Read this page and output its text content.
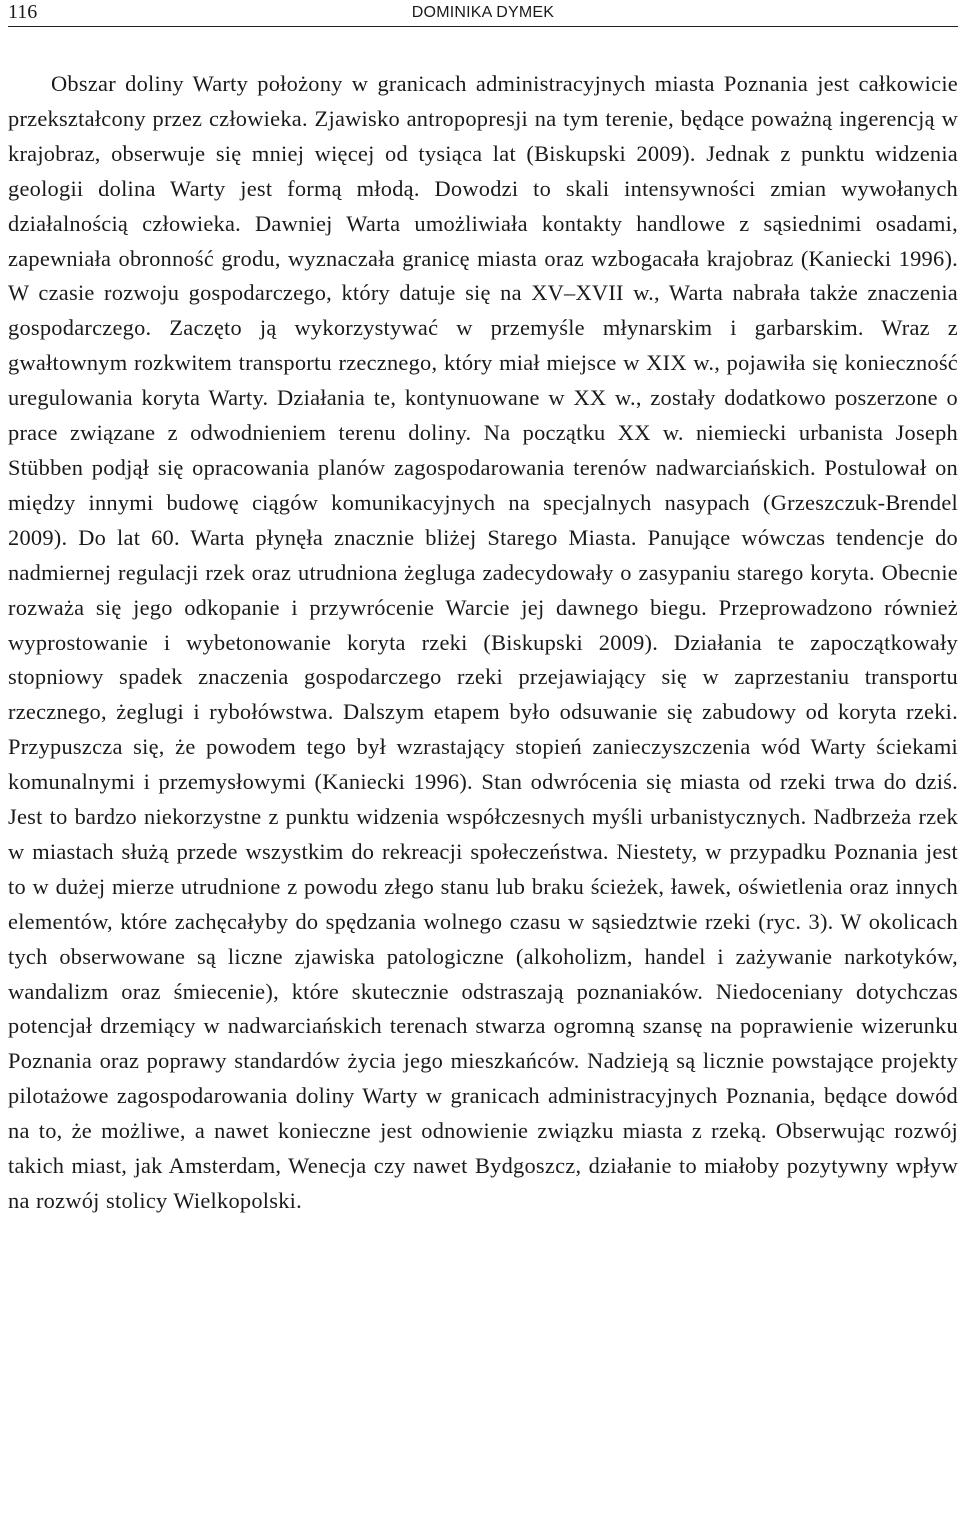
116	DOMINIKA DYMEK

Obszar doliny Warty położony w granicach administracyjnych miasta Poznania jest całkowicie przekształcony przez człowieka. Zjawisko antropopresji na tym terenie, będące poważną ingerencją w krajobraz, obserwuje się mniej więcej od tysiąca lat (Biskupski 2009). Jednak z punktu widzenia geologii dolina Warty jest formą młodą. Dowodzi to skali intensywności zmian wywołanych działalnością człowieka. Dawniej Warta umożliwiała kontakty handlowe z sąsiednimi osadami, zapewniała obronność grodu, wyznaczała granicę miasta oraz wzbogacała krajobraz (Kaniecki 1996). W czasie rozwoju gospodarczego, który datuje się na XV–XVII w., Warta nabrała także znaczenia gospodarczego. Zaczęto ją wykorzystywać w przemyśle młynarskim i garbarskim. Wraz z gwałtownym rozkwitem transportu rzecznego, który miał miejsce w XIX w., pojawiła się konieczność uregulowania koryta Warty. Działania te, kontynuowane w XX w., zostały dodatkowo poszerzone o prace związane z odwodnieniem terenu doliny. Na początku XX w. niemiecki urbanista Joseph Stübben podjął się opracowania planów zagospodarowania terenów nadwarciańskich. Postulował on między innymi budowę ciągów komunikacyjnych na specjalnych nasypach (Grzeszczuk-Brendel 2009). Do lat 60. Warta płynęła znacznie bliżej Starego Miasta. Panujące wówczas tendencje do nadmiernej regulacji rzek oraz utrudniona żegluga zadecydowały o zasypaniu starego koryta. Obecnie rozważa się jego odkopanie i przywrócenie Warcie jej dawnego biegu. Przeprowadzono również wyprostowanie i wybetonowanie koryta rzeki (Biskupski 2009). Działania te zapoczątkowały stopniowy spadek znaczenia gospodarczego rzeki przejawiający się w zaprzestaniu transportu rzecznego, żeglugi i rybołówstwa. Dalszym etapem było odsuwanie się zabudowy od koryta rzeki. Przypuszcza się, że powodem tego był wzrastający stopień zanieczyszczenia wód Warty ściekami komunalnymi i przemysłowymi (Kaniecki 1996). Stan odwrócenia się miasta od rzeki trwa do dziś. Jest to bardzo niekorzystne z punktu widzenia współczesnych myśli urbanistycznych. Nadbrzeża rzek w miastach służą przede wszystkim do rekreacji społeczeństwa. Niestety, w przypadku Poznania jest to w dużej mierze utrudnione z powodu złego stanu lub braku ścieżek, ławek, oświetlenia oraz innych elementów, które zachęcałyby do spędzania wolnego czasu w sąsiedztwie rzeki (ryc. 3). W okolicach tych obserwowane są liczne zjawiska patologiczne (alkoholizm, handel i zażywanie narkotyków, wandalizm oraz śmiecenie), które skutecznie odstraszają poznaniaków. Niedoceniany dotychczas potencjał drzemiący w nadwarciańskich terenach stwarza ogromną szansę na poprawienie wizerunku Poznania oraz poprawy standardów życia jego mieszkańców. Nadzieją są licznie powstające projekty pilotażowe zagospodarowania doliny Warty w granicach administracyjnych Poznania, będące dowód na to, że możliwe, a nawet konieczne jest odnowienie związku miasta z rzeką. Obserwując rozwój takich miast, jak Amsterdam, Wenecja czy nawet Bydgoszcz, działanie to miałoby pozytywny wpływ na rozwój stolicy Wielkopolski.
